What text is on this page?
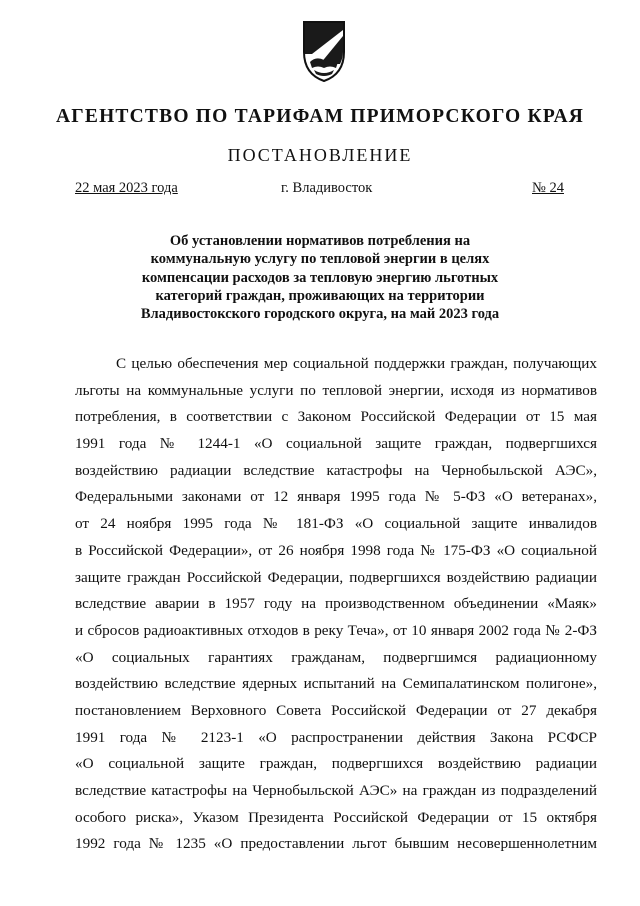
АГЕНТСТВО ПО ТАРИФАМ ПРИМОРСКОГО КРАЯ
ПОСТАНОВЛЕНИЕ
22 мая 2023 года	г. Владивосток	№ 24
Об установлении нормативов потребления на
коммунальную услугу по тепловой энергии в целях
компенсации расходов за тепловую энергию льготных
категорий граждан, проживающих на территории
Владивостокского городского округа, на май 2023 года
С целью обеспечения мер социальной поддержки граждан, получающих
льготы на коммунальные услуги по тепловой энергии, исходя из нормативов
потребления, в соответствии с Законом Российской Федерации от 15 мая
1991 года № 1244-1 «О социальной защите граждан, подвергшихся
воздействию радиации вследствие катастрофы на Чернобыльской АЭС»,
Федеральными законами от 12 января 1995 года № 5-ФЗ «О ветеранах»,
от 24 ноября 1995 года № 181-ФЗ «О социальной защите инвалидов
в Российской Федерации», от 26 ноября 1998 года № 175-ФЗ «О социальной
защите граждан Российской Федерации, подвергшихся воздействию радиации
вследствие аварии в 1957 году на производственном объединении «Маяк»
и сбросов радиоактивных отходов в реку Теча», от 10 января 2002 года № 2-ФЗ
«О социальных гарантиях гражданам, подвергшимся радиационному
воздействию вследствие ядерных испытаний на Семипалатинском полигоне»,
постановлением Верховного Совета Российской Федерации от 27 декабря
1991 года № 2123-1 «О распространении действия Закона РСФСР
«О социальной защите граждан, подвергшихся воздействию радиации
вследствие катастрофы на Чернобыльской АЭС» на граждан из подразделений
особого риска», Указом Президента Российской Федерации от 15 октября
1992 года № 1235 «О предоставлении льгот бывшим несовершеннолетним
